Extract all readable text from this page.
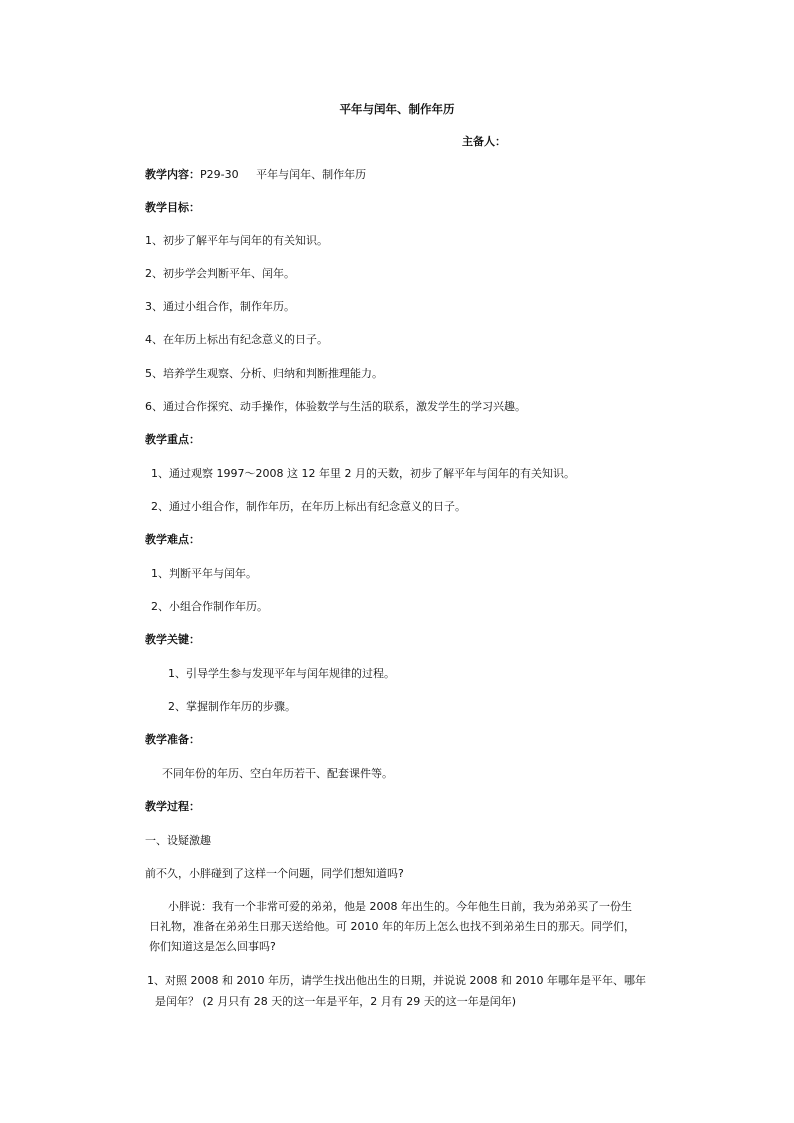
平年与闰年、制作年历
主备人：
教学内容：P29-30     平年与闰年、制作年历
教学目标：
1、初步了解平年与闰年的有关知识。
2、初步学会判断平年、闰年。
3、通过小组合作，制作年历。
4、在年历上标出有纪念意义的日子。
5、培养学生观察、分析、归纳和判断推理能力。
6、通过合作探究、动手操作，体验数学与生活的联系，激发学生的学习兴趣。
教学重点：
1、通过观察 1997～2008 这 12 年里 2 月的天数，初步了解平年与闰年的有关知识。
2、通过小组合作，制作年历，在年历上标出有纪念意义的日子。
教学难点：
1、判断平年与闰年。
2、小组合作制作年历。
教学关键：
1、引导学生参与发现平年与闰年规律的过程。
2、掌握制作年历的步骤。
教学准备：
不同年份的年历、空白年历若干、配套课件等。
教学过程：
一、设疑激趣
前不久，小胖碰到了这样一个问题，同学们想知道吗?
小胖说：我有一个非常可爱的弟弟，他是 2008 年出生的。今年他生日前，我为弟弟买了一份生
日礼物，准备在弟弟生日那天送给他。可 2010 年的年历上怎么也找不到弟弟生日的那天。同学们，
你们知道这是怎么回事吗?
1、对照 2008 和 2010 年历，请学生找出他出生的日期，并说说 2008 和 2010 年哪年是平年、哪年
是闰年？ (2 月只有 28 天的这一年是平年，2 月有 29 天的这一年是闰年)
